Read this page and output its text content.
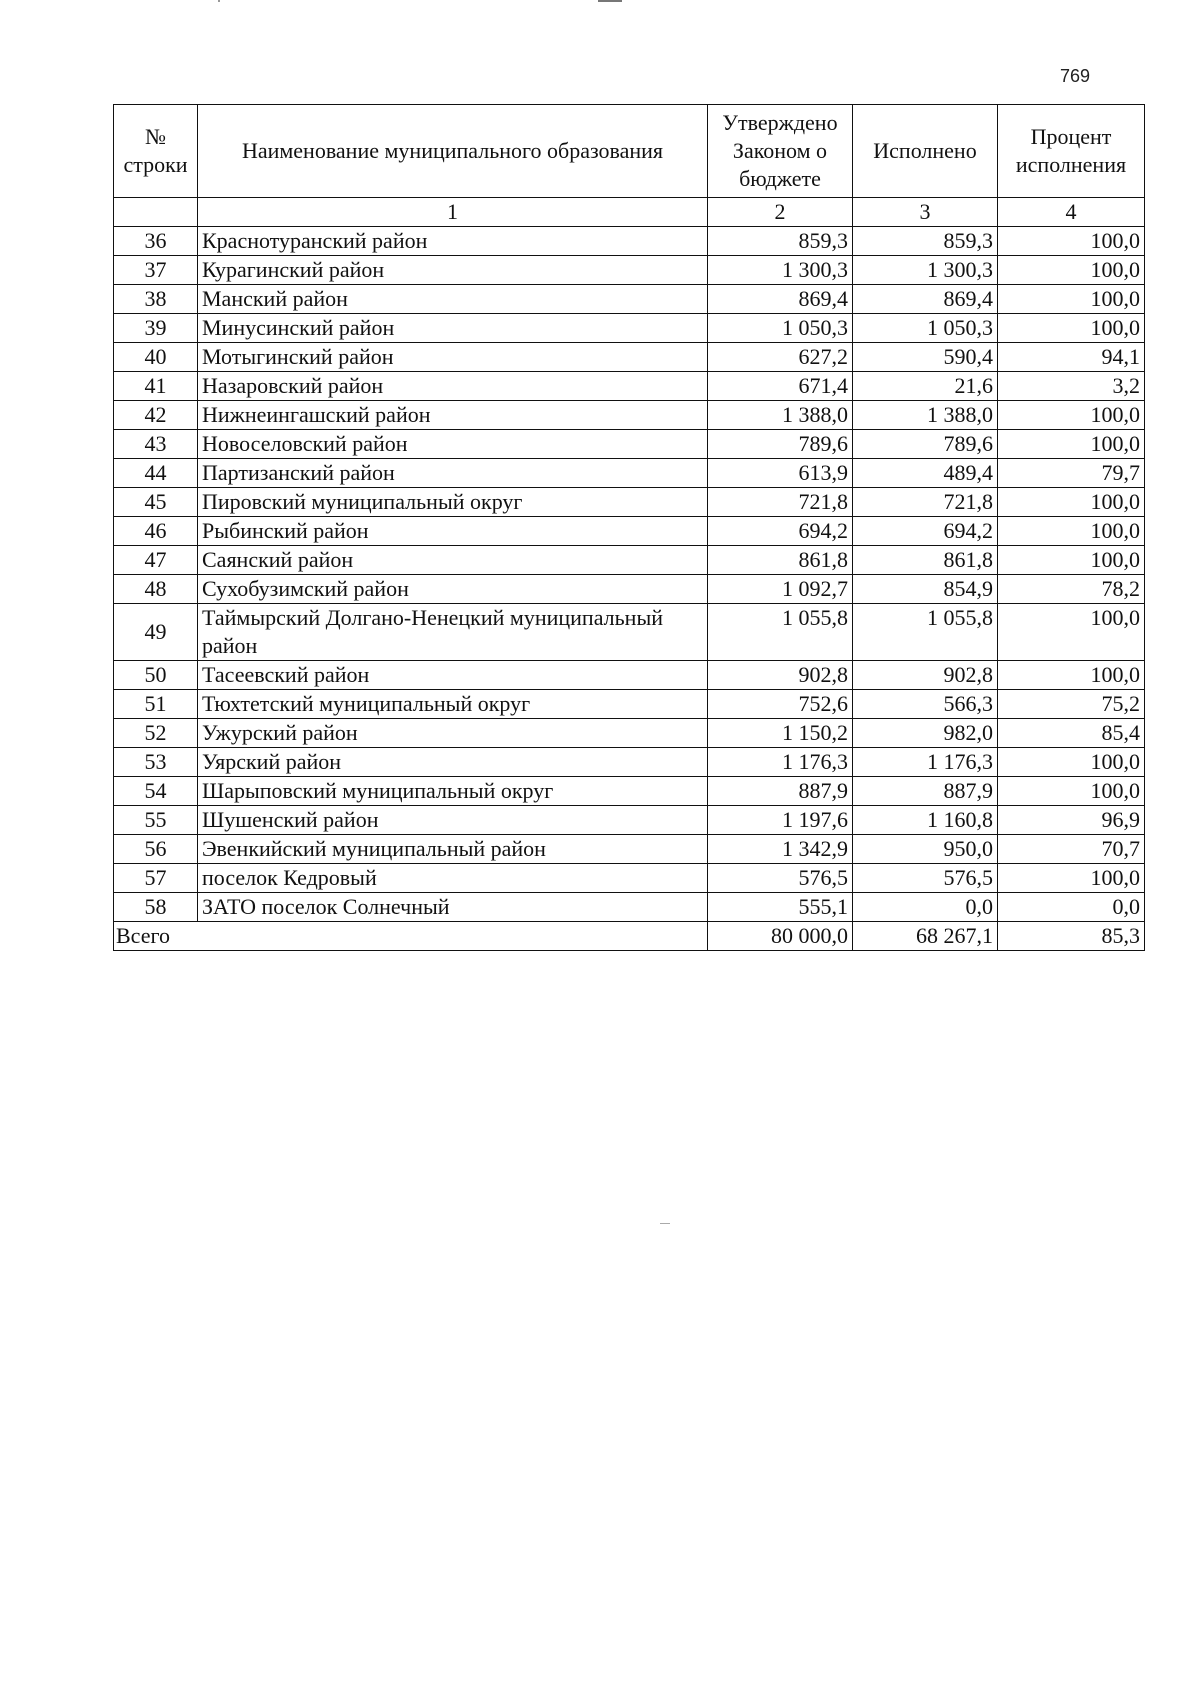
769
№ строки	Наименование муниципального образования	Утверждено Законом о бюджете	Исполнено	Процент исполнения
	1	2	3	4
36	Краснотуранский район	859,3	859,3	100,0
37	Курагинский район	1 300,3	1 300,3	100,0
38	Манский район	869,4	869,4	100,0
39	Минусинский район	1 050,3	1 050,3	100,0
40	Мотыгинский район	627,2	590,4	94,1
41	Назаровский район	671,4	21,6	3,2
42	Нижнеингашский район	1 388,0	1 388,0	100,0
43	Новоселовский район	789,6	789,6	100,0
44	Партизанский район	613,9	489,4	79,7
45	Пировский муниципальный округ	721,8	721,8	100,0
46	Рыбинский район	694,2	694,2	100,0
47	Саянский район	861,8	861,8	100,0
48	Сухобузимский район	1 092,7	854,9	78,2
49	Таймырский Долгано-Ненецкий муниципальный район	1 055,8	1 055,8	100,0
50	Тасеевский район	902,8	902,8	100,0
51	Тюхтетский муниципальный округ	752,6	566,3	75,2
52	Ужурский район	1 150,2	982,0	85,4
53	Уярский район	1 176,3	1 176,3	100,0
54	Шарыповский муниципальный округ	887,9	887,9	100,0
55	Шушенский район	1 197,6	1 160,8	96,9
56	Эвенкийский муниципальный район	1 342,9	950,0	70,7
57	поселок Кедровый	576,5	576,5	100,0
58	ЗАТО поселок Солнечный	555,1	0,0	0,0
Всего		80 000,0	68 267,1	85,3
